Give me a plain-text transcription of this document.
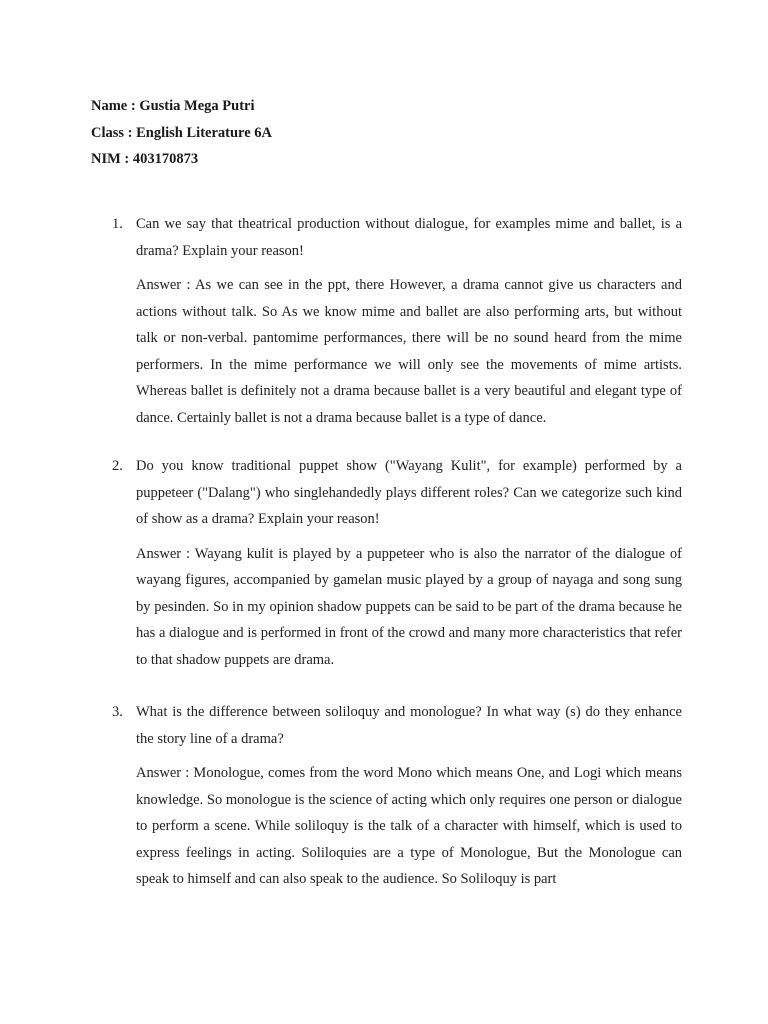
Name : Gustia Mega Putri
Class : English Literature 6A
NIM : 403170873
1. Can we say that theatrical production without dialogue, for examples mime and ballet, is a drama? Explain your reason!
Answer : As we can see in the ppt, there However, a drama cannot give us characters and actions without talk. So As we know mime and ballet are also performing arts, but without talk or non-verbal. pantomime performances, there will be no sound heard from the mime performers. In the mime performance we will only see the movements of mime artists. Whereas ballet is definitely not a drama because ballet is a very beautiful and elegant type of dance. Certainly ballet is not a drama because ballet is a type of dance.
2. Do you know traditional puppet show ("Wayang Kulit", for example) performed by a puppeteer ("Dalang") who singlehandedly plays different roles? Can we categorize such kind of show as a drama? Explain your reason!
Answer : Wayang kulit is played by a puppeteer who is also the narrator of the dialogue of wayang figures, accompanied by gamelan music played by a group of nayaga and song sung by pesinden. So in my opinion shadow puppets can be said to be part of the drama because he has a dialogue and is performed in front of the crowd and many more characteristics that refer to that shadow puppets are drama.
3. What is the difference between soliloquy and monologue? In what way (s) do they enhance the story line of a drama?
Answer : Monologue, comes from the word Mono which means One, and Logi which means knowledge. So monologue is the science of acting which only requires one person or dialogue to perform a scene. While soliloquy is the talk of a character with himself, which is used to express feelings in acting. Soliloquies are a type of Monologue, But the Monologue can speak to himself and can also speak to the audience. So Soliloquy is part
